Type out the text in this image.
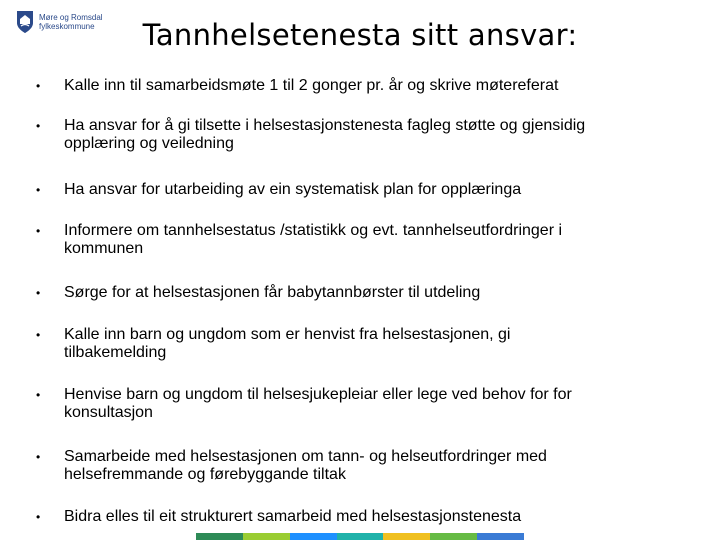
Møre og Romsdal
fylkeskommune	Tannhelsetenesta sitt ansvar:
•	Kalle inn til samarbeidsmøte 1 til 2 gonger pr. år og skrive møtereferat
•	Ha ansvar for å gi tilsette i helsestasjonstenesta fagleg støtte og gjensidig
opplæring og veiledning
•	Ha ansvar for utarbeiding av ein systematisk plan for opplæringa
•	Informere om tannhelsestatus /statistikk og evt. tannhelseutfordringer i
kommunen
•	Sørge for at helsestasjonen får babytannbørster til utdeling
•	Kalle inn barn og ungdom som er henvist fra helsestasjonen, gi
tilbakemelding
•	Henvise barn og ungdom til helsesjukepleiar eller lege ved behov for for
konsultasjon
•	Samarbeide med helsestasjonen om tann- og helseutfordringer med
helsefremmande og førebyggande tiltak
•	Bidra elles til eit strukturert samarbeid med helsestasjonstenesta
